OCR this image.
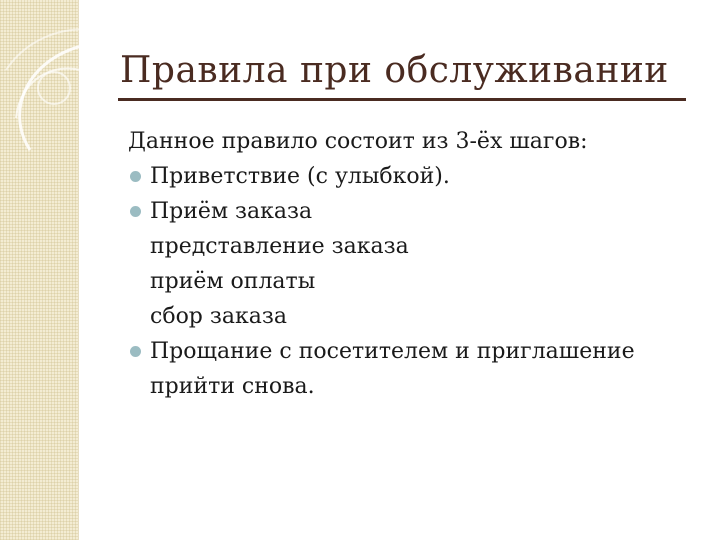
Правила при обслуживании
Данное правило состоит из 3-ёх шагов:
Приветствие (с улыбкой).
Приём заказа
представление заказа
приём оплаты
сбор заказа
Прощание с посетителем и приглашение
прийти снова.
